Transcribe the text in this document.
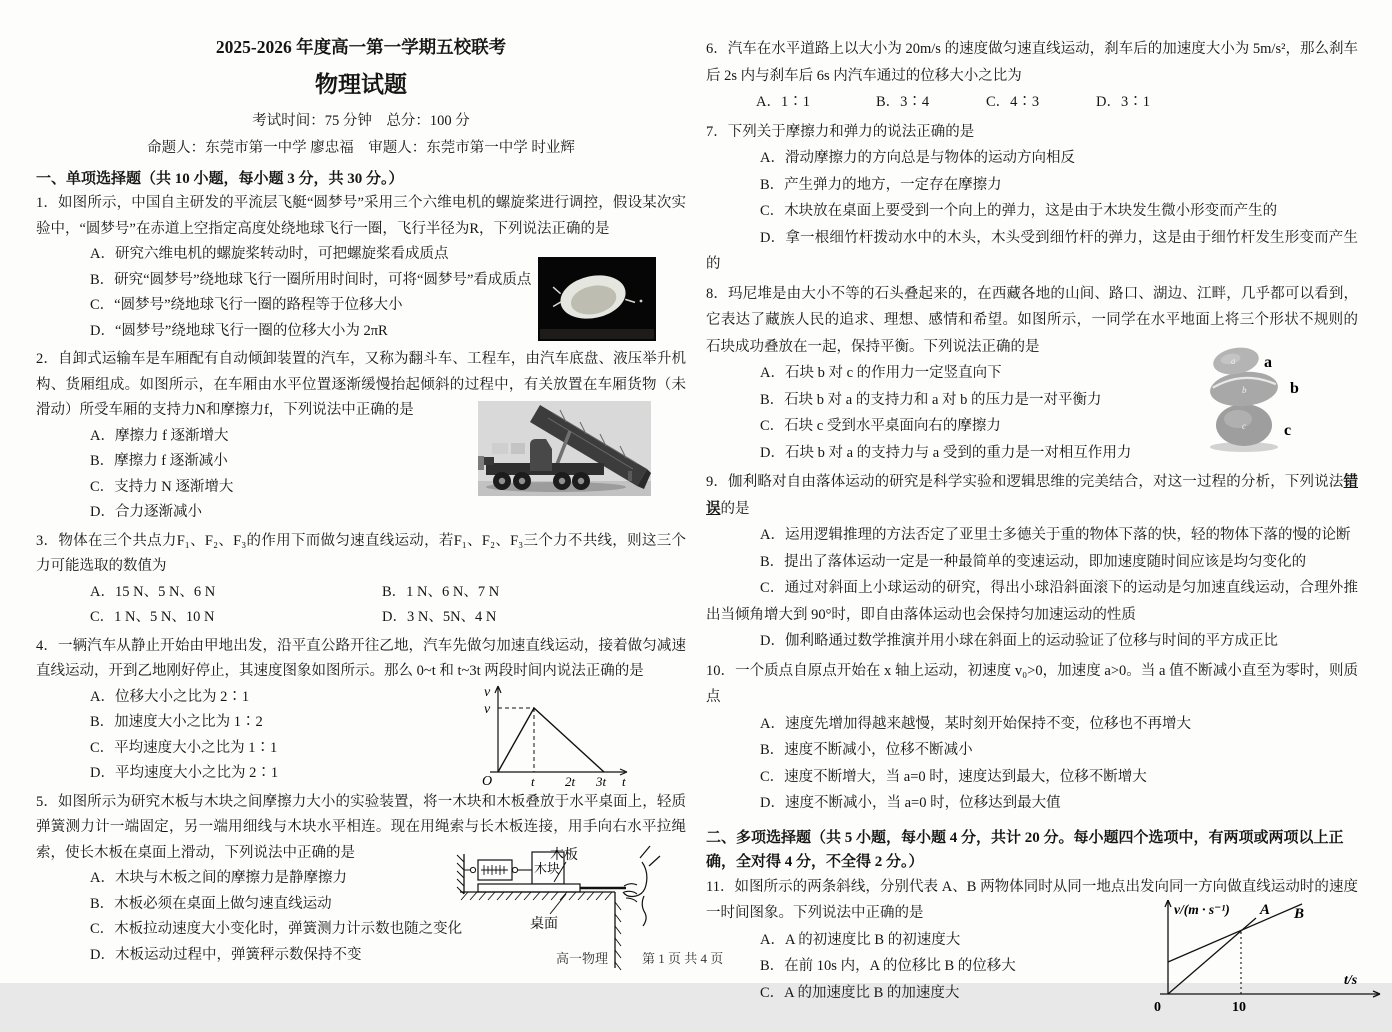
2025-2026 年度高一第一学期五校联考
物理试题
考试时间：75 分钟　总分：100 分
命题人：东莞市第一中学 廖忠福　审题人：东莞市第一中学 时业辉
一、单项选择题（共 10 小题，每小题 3 分，共 30 分。）
1．如图所示，中国自主研发的平流层飞艇“圆梦号”采用三个六维电机的螺旋桨进行调控，假设某次实验中，“圆梦号”在赤道上空指定高度处绕地球飞行一圈，飞行半径为R，下列说法正确的是
A．研究六维电机的螺旋桨转动时，可把螺旋桨看成质点
B．研究“圆梦号”绕地球飞行一圈所用时间时，可将“圆梦号”看成质点
C．“圆梦号”绕地球飞行一圈的路程等于位移大小
D．“圆梦号”绕地球飞行一圈的位移大小为 2πR
2．自卸式运输车是车厢配有自动倾卸装置的汽车，又称为翻斗车、工程车，由汽车底盘、液压举升机构、货厢组成。如图所示，在车厢由水平位置逐渐缓慢抬起倾斜的过程中，有关放置在车厢货物（未滑动）所受车厢的支持力N和摩擦力f，下列说法中正确的是
A．摩擦力 f 逐渐增大
B．摩擦力 f 逐渐减小
C．支持力 N 逐渐增大
D．合力逐渐减小
3．物体在三个共点力F₁、F₂、F₃的作用下而做匀速直线运动，若F₁、F₂、F₃三个力不共线，则这三个力可能选取的数值为
A．15 N、5 N、6 N	B．1 N、6 N、7 N
C．1 N、5 N、10 N	D．3 N、5N、4 N
4．一辆汽车从静止开始由甲地出发，沿平直公路开往乙地，汽车先做匀加速直线运动，接着做匀减速直线运动，开到乙地刚好停止，其速度图象如图所示。那么 0~t 和 t~3t 两段时间内说法正确的是
A．位移大小之比为 2∶1
B．加速度大小之比为 1∶2
C．平均速度大小之比为 1∶1
D．平均速度大小之比为 2∶1
v
v
O	t 2t 3t t
5．如图所示为研究木板与木块之间摩擦力大小的实验装置，将一木块和木板叠放于水平桌面上，轻质弹簧测力计一端固定，另一端用细线与木块水平相连。现在用绳索与长木板连接，用手向右水平拉绳索，使长木板在桌面上滑动，下列说法中正确的是
A．木块与木板之间的摩擦力是静摩擦力
B．木板必须在桌面上做匀速直线运动
C．木板拉动速度大小变化时，弹簧测力计示数也随之变化
D．木板运动过程中，弹簧秤示数保持不变
木块
木板
桌面
6．汽车在水平道路上以大小为 20m/s 的速度做匀速直线运动，刹车后的加速度大小为 5m/s²，那么刹车后 2s 内与刹车后 6s 内汽车通过的位移大小之比为
A．1∶1	B．3∶4	C．4∶3	D．3∶1
7．下列关于摩擦力和弹力的说法正确的是
A．滑动摩擦力的方向总是与物体的运动方向相反
B．产生弹力的地方，一定存在摩擦力
C．木块放在桌面上要受到一个向上的弹力，这是由于木块发生微小形变而产生的
D．拿一根细竹杆拨动水中的木头，木头受到细竹杆的弹力，这是由于细竹杆发生形变而产生的
8．玛尼堆是由大小不等的石头叠起来的，在西藏各地的山间、路口、湖边、江畔，几乎都可以看到，它表达了藏族人民的追求、理想、感情和希望。如图所示，一同学在水平地面上将三个形状不规则的石块成功叠放在一起，保持平衡。下列说法正确的是
A．石块 b 对 c 的作用力一定竖直向下
B．石块 b 对 a 的支持力和 a 对 b 的压力是一对平衡力
C．石块 c 受到水平桌面向右的摩擦力
D．石块 b 对 a 的支持力与 a 受到的重力是一对相互作用力
a
b
c
a
b
c
9．伽利略对自由落体运动的研究是科学实验和逻辑思维的完美结合，对这一过程的分析，下列说法错误的是
A．运用逻辑推理的方法否定了亚里士多德关于重的物体下落的快，轻的物体下落的慢的论断
B．提出了落体运动一定是一种最简单的变速运动，即加速度随时间应该是均匀变化的
C．通过对斜面上小球运动的研究，得出小球沿斜面滚下的运动是匀加速直线运动，合理外推出当倾角增大到 90°时，即自由落体运动也会保持匀加速运动的性质
D．伽利略通过数学推演并用小球在斜面上的运动验证了位移与时间的平方成正比
10．一个质点自原点开始在 x 轴上运动，初速度 v₀>0，加速度 a>0。当 a 值不断减小直至为零时，则质点
A．速度先增加得越来越慢，某时刻开始保持不变，位移也不再增大
B．速度不断减小，位移不断减小
C．速度不断增大，当 a=0 时，速度达到最大，位移不断增大
D．速度不断减小，当 a=0 时，位移达到最大值
二、多项选择题（共 5 小题，每小题 4 分，共计 20 分。每小题四个选项中，有两项或两项以上正确，全对得 4 分，不全得 2 分。）
11．如图所示的两条斜线，分别代表 A、B 两物体同时从同一地点出发向同一方向做直线运动时的速度一时间图象。下列说法中正确的是
A．A 的初速度比 B 的初速度大
B．在前 10s 内，A 的位移比 B 的位移大
C．A 的加速度比 B 的加速度大
v/(m · s⁻¹) A B
t/s
0	10
高一物理	第 1 页 共 4 页
